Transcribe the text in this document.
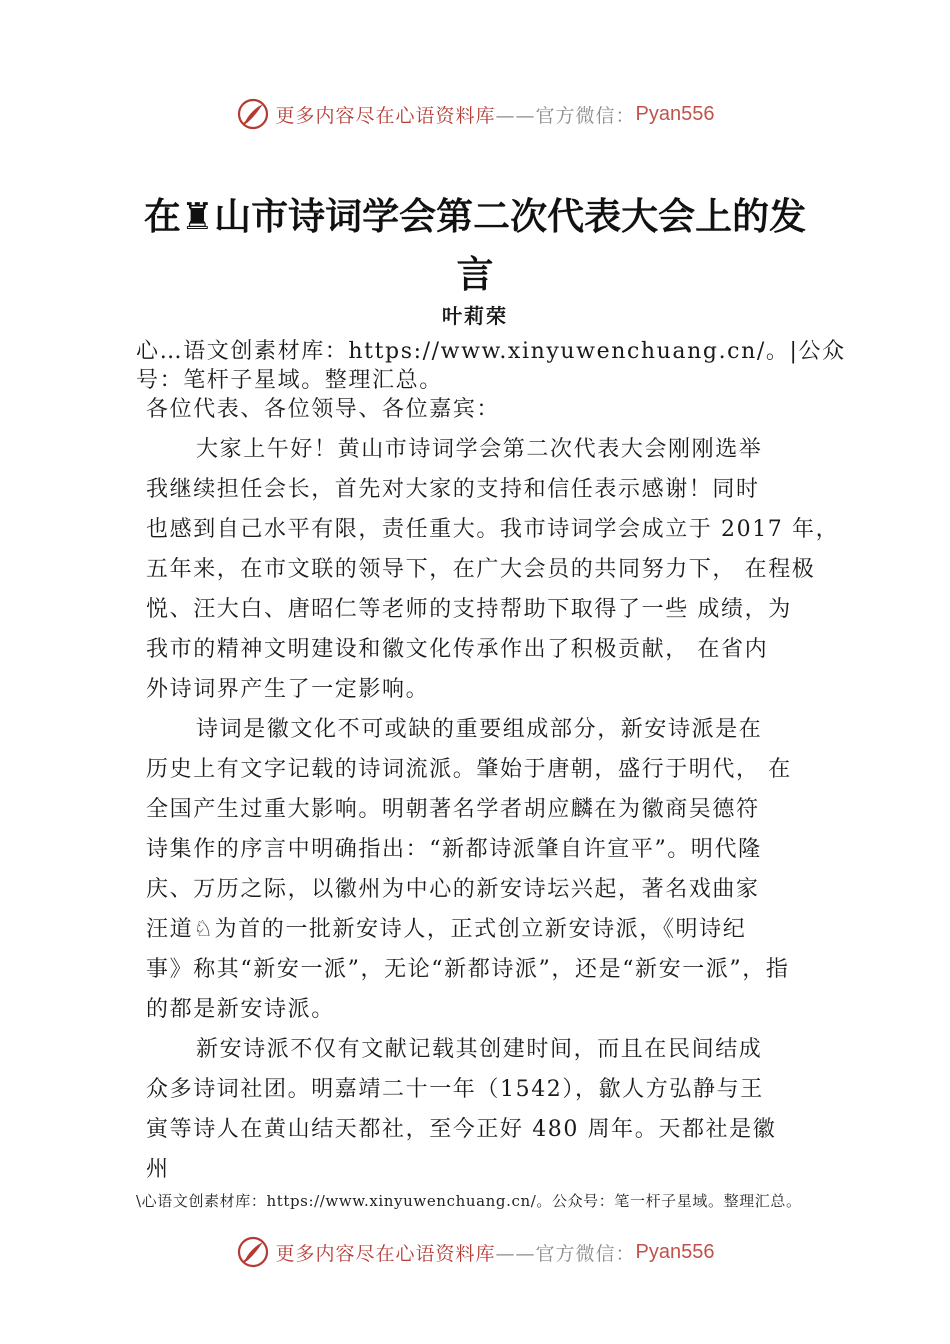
更多内容尽在心语资料库 ——官方微信： Pyan556
在♜山市诗词学会第二次代表大会上的发
言
叶莉荣
心…语文创素材库：https://www.xinyuwenchuang.cn/。|公众
号：笔杆子星域。整理汇总。
各位代表、各位领导、各位嘉宾：
大家上午好！黄山市诗词学会第二次代表大会刚刚选举
我继续担任会长，首先对大家的支持和信任表示感谢！同时
也感到自己水平有限，责任重大。我市诗词学会成立于 2017 年，
五年来，在市文联的领导下，在广大会员的共同努力下， 在程极
悦、汪大白、唐昭仁等老师的支持帮助下取得了一些 成绩，为
我市的精神文明建设和徽文化传承作出了积极贡献， 在省内
外诗词界产生了一定影响。
诗词是徽文化不可或缺的重要组成部分，新安诗派是在
历史上有文字记载的诗词流派。肇始于唐朝，盛行于明代， 在
全国产生过重大影响。明朝著名学者胡应麟在为徽商吴德符
诗集作的序言中明确指出：“新都诗派肇自许宣平”。明代隆
庆、万历之际，以徽州为中心的新安诗坛兴起，著名戏曲家
汪道♘为首的一批新安诗人，正式创立新安诗派，《明诗纪
事》称其“新安一派”，无论“新都诗派”，还是“新安一派”，指
的都是新安诗派。
新安诗派不仅有文献记载其创建时间，而且在民间结成
众多诗词社团。明嘉靖二十一年（1542），歙人方弘静与王
寅等诗人在黄山结天都社，至今正好 480 周年。天都社是徽
州
\心语文创素材库：https://www.xinyuwenchuang.cn/。公众号：笔一杆子星域。整理汇总。
更多内容尽在心语资料库 ——官方微信： Pyan556
